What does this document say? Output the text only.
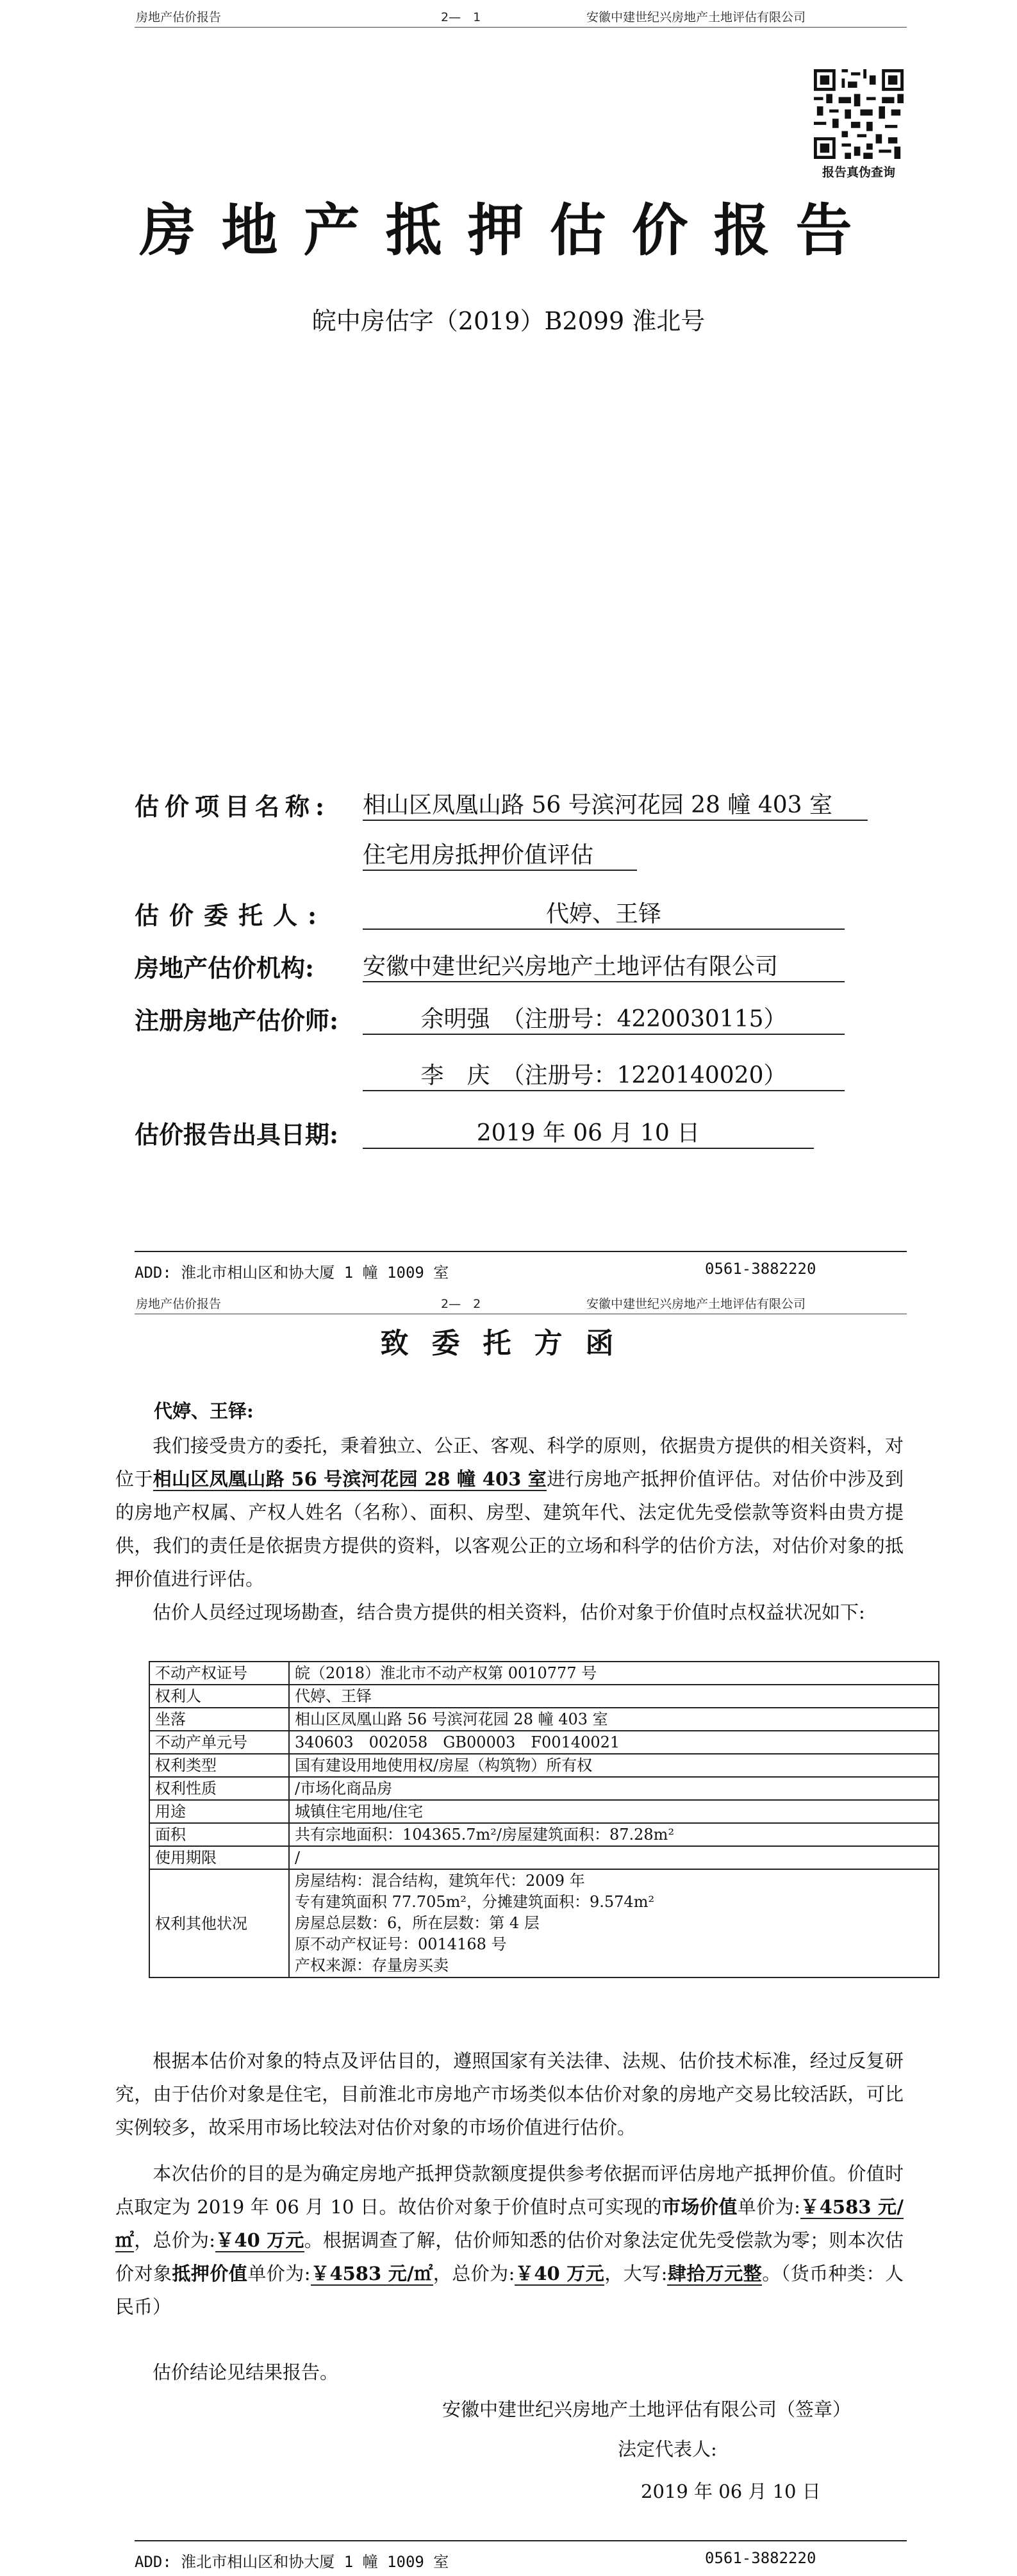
房地产估价报告	2—　1	安徽中建世纪兴房地产土地评估有限公司
报告真伪查询
房地产抵押估价报告
皖中房估字（2019）B2099 淮北号
估价项目名称: 相山区凤凰山路 56 号滨河花园 28 幢 403 室
住宅用房抵押价值评估
估价委托人:	代婷、王铎
房地产估价机构: 安徽中建世纪兴房地产土地评估有限公司
注册房地产估价师:	余明强　（注册号：4220030115）
李　庆　（注册号：1220140020）
估价报告出具日期:	2019 年 06 月 10 日
ADD: 淮北市相山区和协大厦 1 幢 1009 室	0561-3882220
房地产估价报告	2—　2	安徽中建世纪兴房地产土地评估有限公司
致委托方函
代婷、王铎:
我们接受贵方的委托，秉着独立、公正、客观、科学的原则，依据贵方提供的相关资料，对位于相山区凤凰山路 56 号滨河花园 28 幢 403 室进行房地产抵押价值评估。对估价中涉及到的房地产权属、产权人姓名（名称）、面积、房型、建筑年代、法定优先受偿款等资料由贵方提供，我们的责任是依据贵方提供的资料，以客观公正的立场和科学的估价方法，对估价对象的抵押价值进行评估。
估价人员经过现场勘查，结合贵方提供的相关资料，估价对象于价值时点权益状况如下:
不动产权证号	皖（2018）淮北市不动产权第 0010777 号
权利人	代婷、王铎
坐落	相山区凤凰山路 56 号滨河花园 28 幢 403 室
不动产单元号	340603　002058　GB00003　F00140021
权利类型	国有建设用地使用权/房屋（构筑物）所有权
权利性质	/市场化商品房
用途	城镇住宅用地/住宅
面积	共有宗地面积：104365.7m²/房屋建筑面积：87.28m²
使用期限	/
权利其他状况	房屋结构：混合结构，建筑年代：2009 年
专有建筑面积 77.705m²，分摊建筑面积：9.574m²
房屋总层数：6，所在层数：第 4 层
原不动产权证号：0014168 号
产权来源：存量房买卖
根据本估价对象的特点及评估目的，遵照国家有关法律、法规、估价技术标准，经过反复研究，由于估价对象是住宅，目前淮北市房地产市场类似本估价对象的房地产交易比较活跃，可比实例较多，故采用市场比较法对估价对象的市场价值进行估价。
本次估价的目的是为确定房地产抵押贷款额度提供参考依据而评估房地产抵押价值。价值时点取定为 2019 年 06 月 10 日。故估价对象于价值时点可实现的市场价值单价为:￥4583 元/㎡，总价为:￥40 万元。根据调查了解，估价师知悉的估价对象法定优先受偿款为零；则本次估价对象抵押价值单价为:￥4583 元/㎡，总价为:￥40 万元，大写:肆拾万元整。（货币种类：人民币）
估价结论见结果报告。
安徽中建世纪兴房地产土地评估有限公司（签章）
法定代表人:
2019 年 06 月 10 日
ADD: 淮北市相山区和协大厦 1 幢 1009 室	0561-3882220
